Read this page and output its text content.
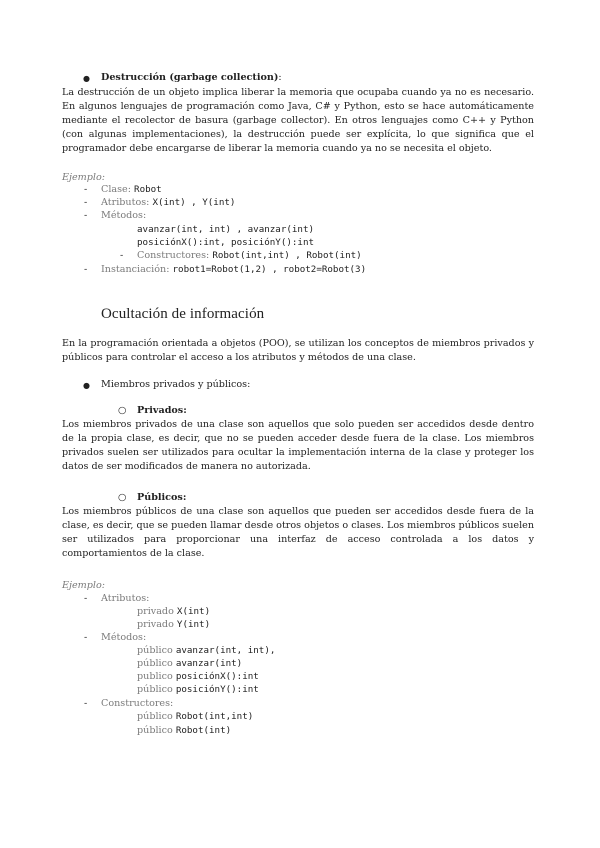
● Destrucción (garbage collection):
La destrucción de un objeto implica liberar la memoria que ocupaba cuando ya no es necesario. En algunos lenguajes de programación como Java, C# y Python, esto se hace automáticamente mediante el recolector de basura (garbage collector). En otros lenguajes como C++ y Python (con algunas implementaciones), la destrucción puede ser explícita, lo que significa que el programador debe encargarse de liberar la memoria cuando ya no se necesita el objeto.
Ejemplo:
- Clase: Robot
- Atributos: X(int) , Y(int)
- Métodos:
avanzar(int, int) , avanzar(int)
posiciónX():int, posiciónY():int
- Constructores: Robot(int,int) , Robot(int)
- Instanciación: robot1=Robot(1,2) , robot2=Robot(3)
Ocultación de información
En la programación orientada a objetos (POO), se utilizan los conceptos de miembros privados y públicos para controlar el acceso a los atributos y métodos de una clase.
● Miembros privados y públicos:
○ Privados:
Los miembros privados de una clase son aquellos que solo pueden ser accedidos desde dentro de la propia clase, es decir, que no se pueden acceder desde fuera de la clase. Los miembros privados suelen ser utilizados para ocultar la implementación interna de la clase y proteger los datos de ser modificados de manera no autorizada.
○ Públicos:
Los miembros públicos de una clase son aquellos que pueden ser accedidos desde fuera de la clase, es decir, que se pueden llamar desde otros objetos o clases. Los miembros públicos suelen ser utilizados para proporcionar una interfaz de acceso controlada a los datos y comportamientos de la clase.
Ejemplo:
- Atributos:
privado X(int)
privado Y(int)
- Métodos:
público avanzar(int, int),
público avanzar(int)
publico posiciónX():int
público posiciónY():int
- Constructores:
público Robot(int,int)
público Robot(int)
